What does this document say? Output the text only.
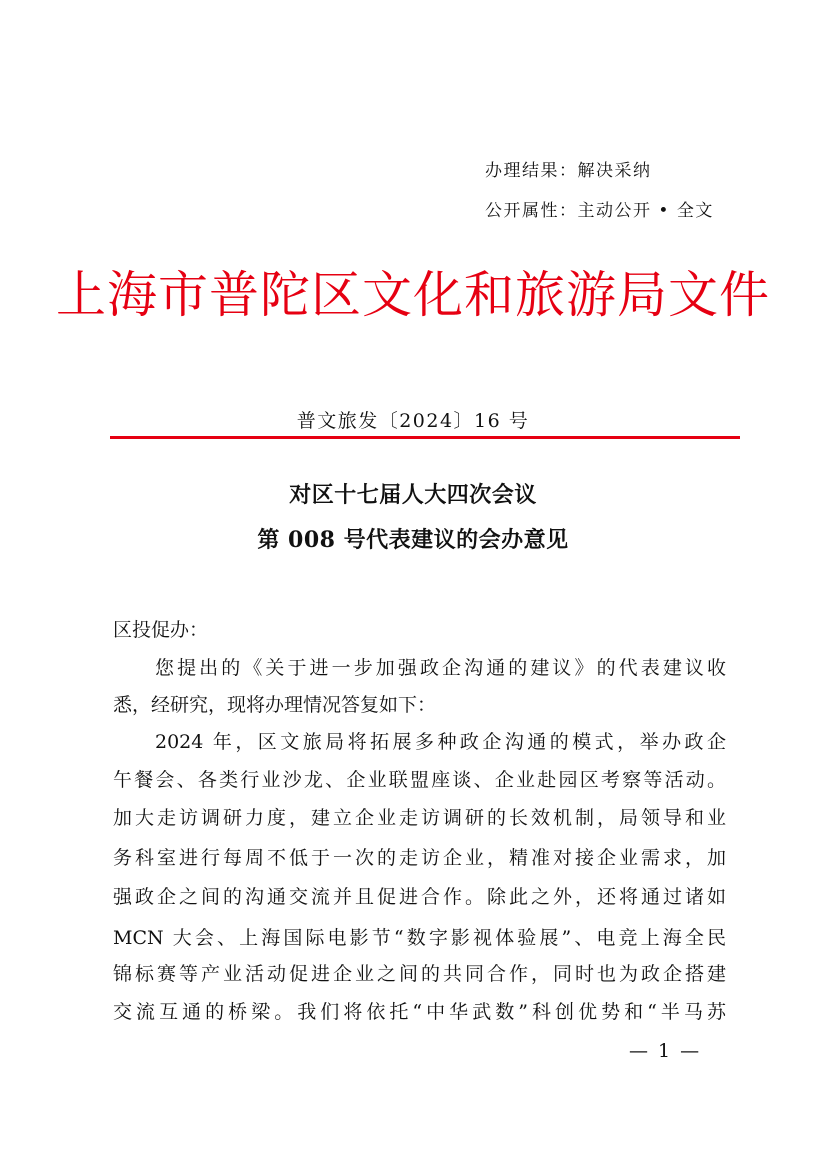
办理结果：解决采纳
公开属性：主动公开 • 全文
上海市普陀区文化和旅游局文件
普文旅发〔2024〕16 号
对区十七届人大四次会议
第 008 号代表建议的会办意见
区投促办：
您提出的《关于进一步加强政企沟通的建议》的代表建议收
悉，经研究，现将办理情况答复如下：
2024 年，区文旅局将拓展多种政企沟通的模式，举办政企
午餐会、各类行业沙龙、企业联盟座谈、企业赴园区考察等活动。
加大走访调研力度，建立企业走访调研的长效机制，局领导和业
务科室进行每周不低于一次的走访企业，精准对接企业需求，加
强政企之间的沟通交流并且促进合作。除此之外，还将通过诸如
MCN 大会、上海国际电影节“数字影视体验展”、电竞上海全民
锦标赛等产业活动促进企业之间的共同合作，同时也为政企搭建
交流互通的桥梁。我们将依托“中华武数”科创优势和“半马苏
— 1 —
